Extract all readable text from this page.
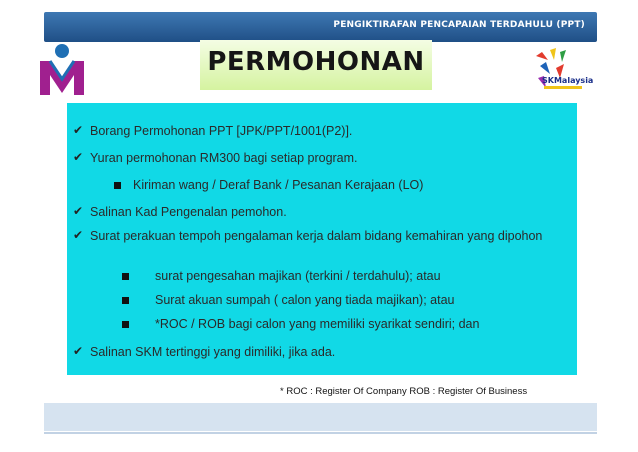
PENGIKTIRAFAN PENCAPAIAN TERDAHULU (PPT)

PERMOHONAN
SKMalaysia

✔ Borang Permohonan PPT [JPK/PPT/1001(P2)].
✔ Yuran permohonan RM300 bagi setiap program.
Kiriman wang / Deraf Bank / Pesanan Kerajaan (LO)
✔ Salinan Kad Pengenalan pemohon.
✔ Surat perakuan tempoh pengalaman kerja dalam bidang kemahiran yang dipohon
surat pengesahan majikan (terkini / terdahulu); atau
Surat akuan sumpah ( calon yang tiada majikan); atau
*ROC / ROB bagi calon yang memiliki syarikat sendiri; dan
✔ Salinan SKM tertinggi yang dimiliki, jika ada.
* ROC : Register Of Company ROB : Register Of Business
